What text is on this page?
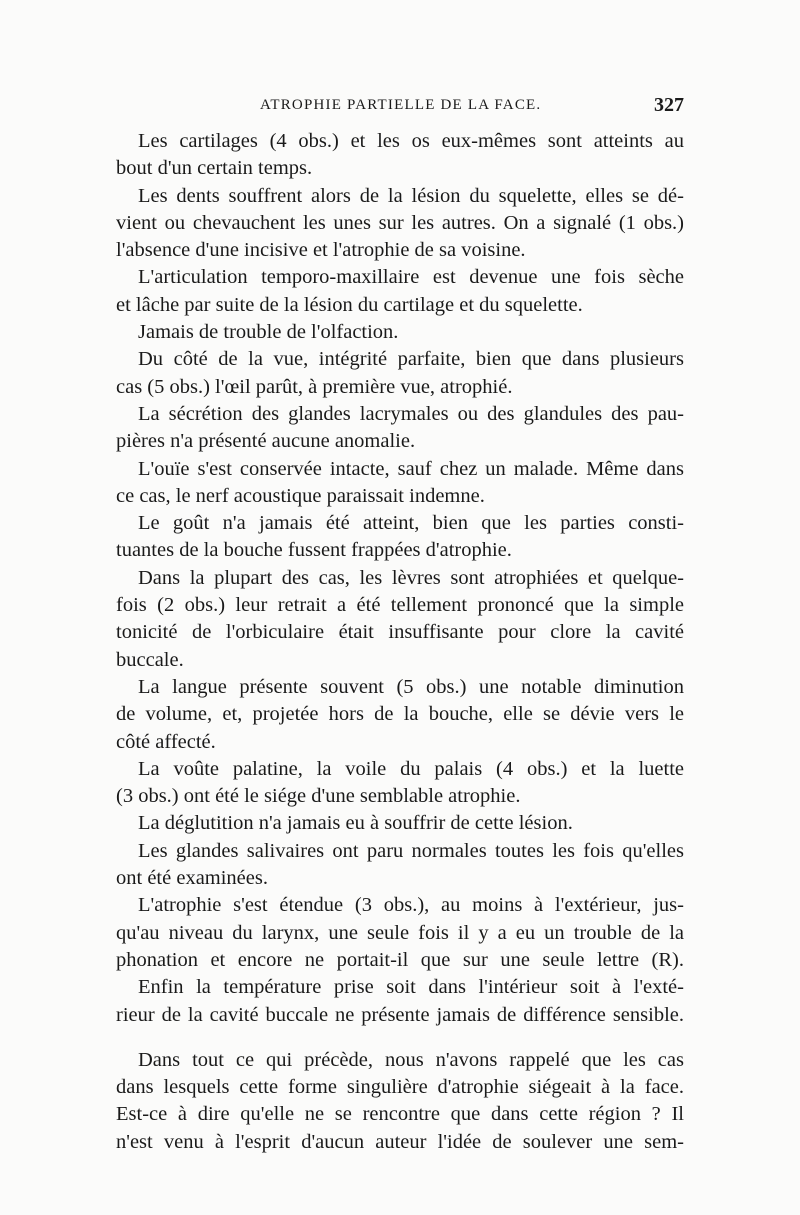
ATROPHIE PARTIELLE DE LA FACE.	327
Les cartilages (4 obs.) et les os eux-mêmes sont atteints au
bout d'un certain temps.
Les dents souffrent alors de la lésion du squelette, elles se dé-
vient ou chevauchent les unes sur les autres. On a signalé (1 obs.)
l'absence d'une incisive et l'atrophie de sa voisine.
L'articulation temporo-maxillaire est devenue une fois sèche
et lâche par suite de la lésion du cartilage et du squelette.
Jamais de trouble de l'olfaction.
Du côté de la vue, intégrité parfaite, bien que dans plusieurs
cas (5 obs.) l'œil parût, à première vue, atrophié.
La sécrétion des glandes lacrymales ou des glandules des pau-
pières n'a présenté aucune anomalie.
L'ouïe s'est conservée intacte, sauf chez un malade. Même dans
ce cas, le nerf acoustique paraissait indemne.
Le goût n'a jamais été atteint, bien que les parties consti-
tuantes de la bouche fussent frappées d'atrophie.
Dans la plupart des cas, les lèvres sont atrophiées et quelque-
fois (2 obs.) leur retrait a été tellement prononcé que la simple
tonicité de l'orbiculaire était insuffisante pour clore la cavité
buccale.
La langue présente souvent (5 obs.) une notable diminution
de volume, et, projetée hors de la bouche, elle se dévie vers le
côté affecté.
La voûte palatine, la voile du palais (4 obs.) et la luette
(3 obs.) ont été le siége d'une semblable atrophie.
La déglutition n'a jamais eu à souffrir de cette lésion.
Les glandes salivaires ont paru normales toutes les fois qu'elles
ont été examinées.
L'atrophie s'est étendue (3 obs.), au moins à l'extérieur, jus-
qu'au niveau du larynx, une seule fois il y a eu un trouble de la
phonation et encore ne portait-il que sur une seule lettre (R).
Enfin la température prise soit dans l'intérieur soit à l'exté-
rieur de la cavité buccale ne présente jamais de différence sensible.
Dans tout ce qui précède, nous n'avons rappelé que les cas
dans lesquels cette forme singulière d'atrophie siégeait à la face.
Est-ce à dire qu'elle ne se rencontre que dans cette région ? Il
n'est venu à l'esprit d'aucun auteur l'idée de soulever une sem-
